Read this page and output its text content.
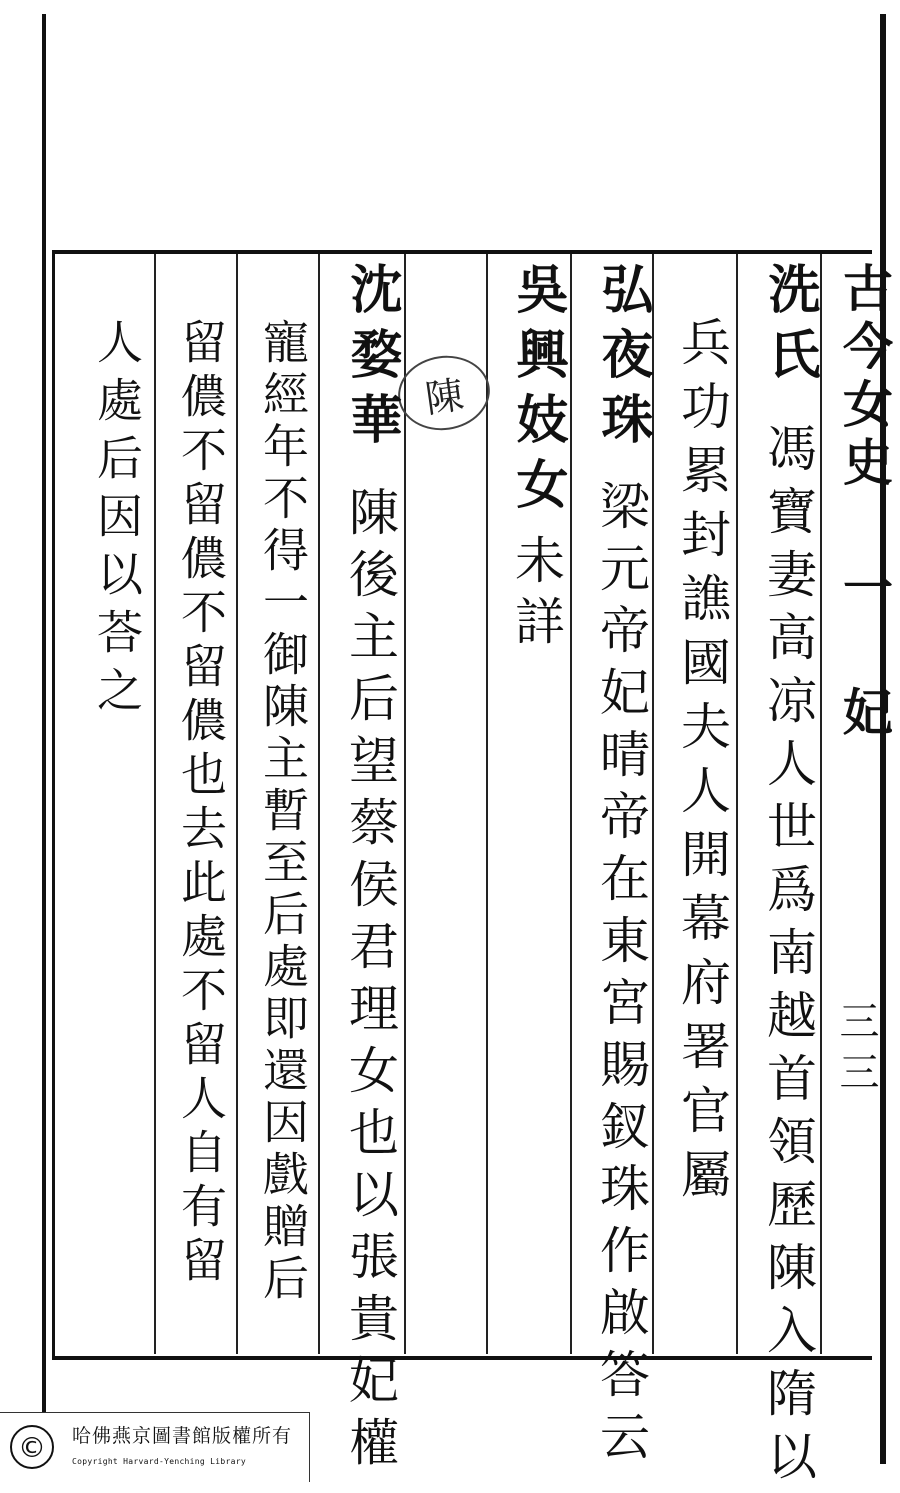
古今女史 一 妃
三三
洗氏
馮寶妻高凉人世爲南越首領歷陳入隋以
兵功累封譙國夫人開幕府署官屬
弘夜珠
梁元帝妃晴帝在東宮賜釵珠作啟答云
吳興妓女
未詳
陳
沈婺華
陳後主后望蔡侯君理女也以張貴妃權
寵經年不得一御陳主暫至后處即還因戲贈后
留儂不留儂不留儂也去此處不留人自有留
人處后因以荅之
©	哈佛燕京圖書館版權所有
Copyright Harvard-Yenching Library
